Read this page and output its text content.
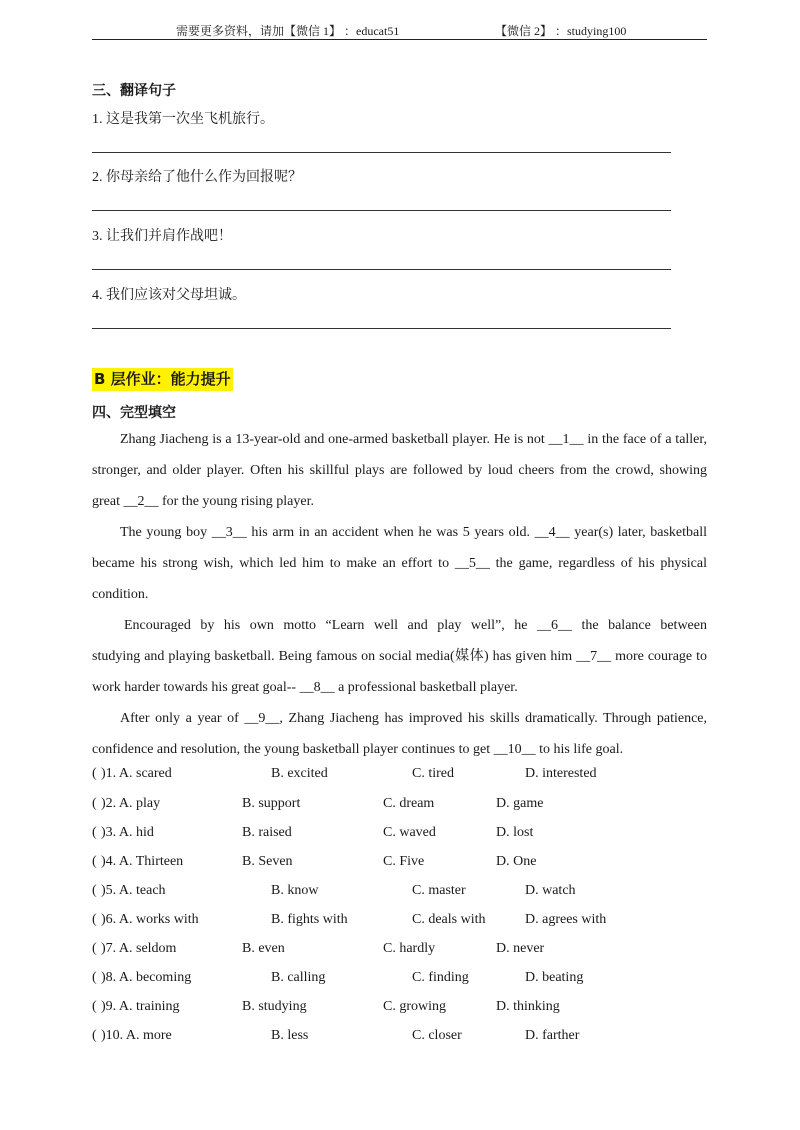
需要更多资料，请加【微信 1】 ：educat51	【微信 2】 ：studying100
三、翻译句子
1. 这是我第一次坐飞机旅行。
2. 你母亲给了他什么作为回报呢？
3. 让我们并肩作战吧！
4. 我们应该对父母坦诚。
B 层作业：能力提升
四、完型填空

Zhang Jiacheng is a 13-year-old and one-armed basketball player. He is not __1__ in the face of a taller,
stronger, and older player. Often his skillful plays are followed by loud cheers from the crowd, showing
great __2__ for the young rising player.

The young boy __3__ his arm in an accident when he was 5 years old. __4__ year(s) later, basketball
became his strong wish, which led him to make an effort to __5__ the game, regardless of his physical
condition.

Encouraged by his own motto “Learn well and play well”, he __6__ the balance between
studying and playing basketball. Being famous on social media(媒体) has given him __7__ more courage to
work harder towards his great goal-- __8__ a professional basketball player.

After only a year of __9__, Zhang Jiacheng has improved his skills dramatically. Through patience,
confidence and resolution, the young basketball player continues to get __10__ to his life goal.

( )1. A. scared	B. excited	C. tired	D. interested
( )2. A. play	B. support	C. dream	D. game
( )3. A. hid	B. raised	C. waved	D. lost
( )4. A. Thirteen	B. Seven	C. Five	D. One
( )5. A. teach	B. know	C. master	D. watch
( )6. A. works with	B. fights with	C. deals with	D. agrees with
( )7. A. seldom	B. even	C. hardly	D. never
( )8. A. becoming	B. calling	C. finding	D. beating
( )9. A. training	B. studying	C. growing	D. thinking
( )10. A. more	B. less	C. closer	D. farther
